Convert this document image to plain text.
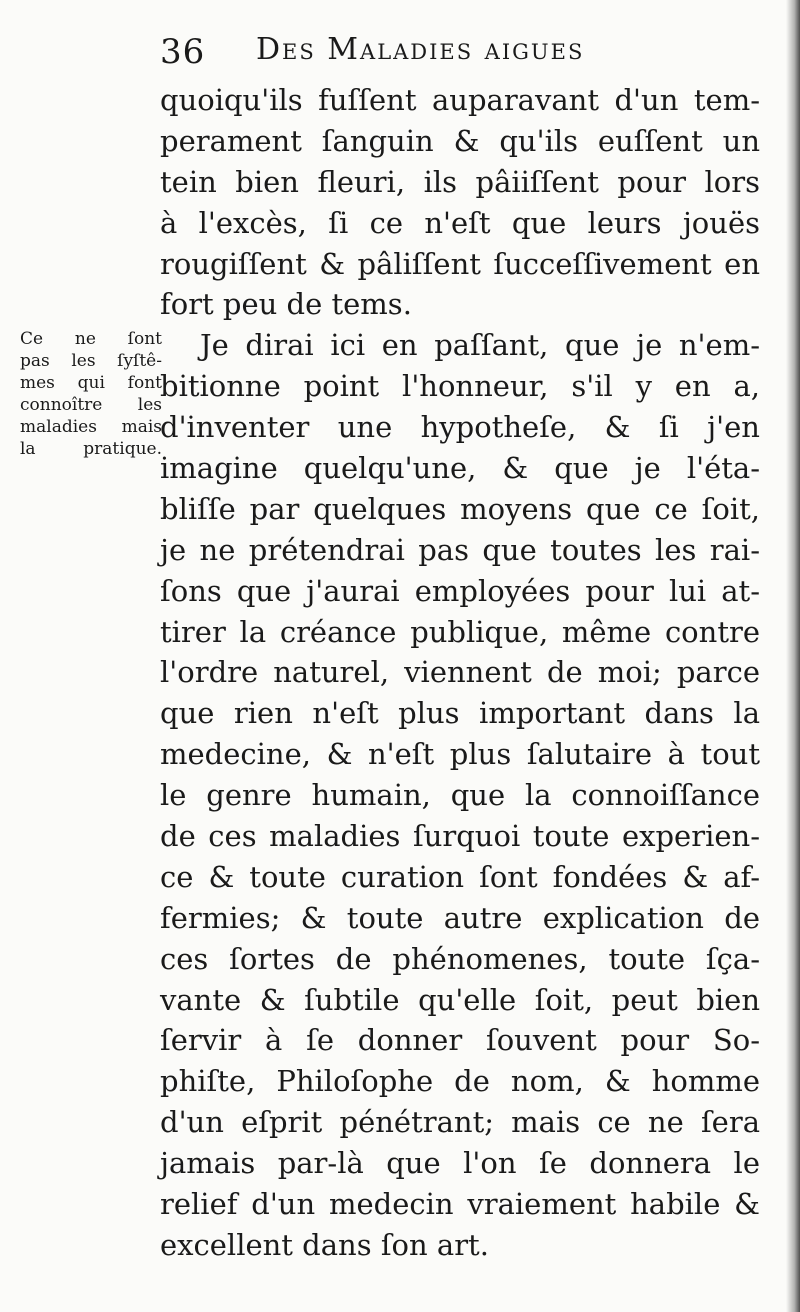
36 Des Maladies aigues
Ce ne ſont
pas les ſyſtê-
mes qui font
connoître les
maladies mais
la pratique.
quoiqu'ils fuſſent auparavant d'un tem-
perament ſanguin & qu'ils euſſent un
tein bien fleuri, ils pâiiſſent pour lors
à l'excès, ſi ce n'eſt que leurs jouës
rougiſſent & pâliſſent ſucceſſivement en
fort peu de tems.
Je dirai ici en paſſant, que je n'em-
bitionne point l'honneur, s'il y en a,
d'inventer une hypotheſe, & ſi j'en
imagine quelqu'une, & que je l'éta-
bliſſe par quelques moyens que ce ſoit,
je ne prétendrai pas que toutes les rai-
ſons que j'aurai employées pour lui at-
tirer la créance publique, même contre
l'ordre naturel, viennent de moi; parce
que rien n'eſt plus important dans la
medecine, & n'eſt plus ſalutaire à tout
le genre humain, que la connoiſſance
de ces maladies ſurquoi toute experien-
ce & toute curation ſont fondées & af-
fermies; & toute autre explication de
ces ſortes de phénomenes, toute ſça-
vante & ſubtile qu'elle ſoit, peut bien
ſervir à ſe donner ſouvent pour So-
phiſte, Philoſophe de nom, & homme
d'un eſprit pénétrant; mais ce ne ſera
jamais par-là que l'on ſe donnera le
relief d'un medecin vraiement habile &
excellent dans ſon art.
